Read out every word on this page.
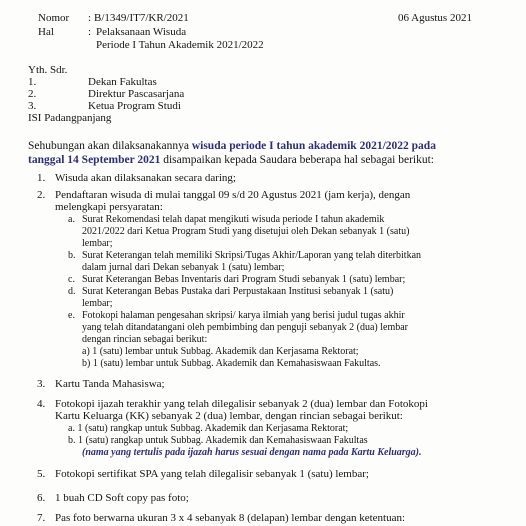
Nomor : B/1349/IT7/KR/2021	06 Agustus 2021
Hal	: Pelaksanaan Wisuda
Periode I Tahun Akademik 2021/2022
Yth. Sdr.
1.	Dekan Fakultas
2.	Direktur Pascasarjana
3.	Ketua Program Studi
ISI Padangpanjang
Sehubungan akan dilaksanakannya wisuda periode I tahun akademik 2021/2022 pada
tanggal 14 September 2021 disampaikan kepada Saudara beberapa hal sebagai berikut:
1. Wisuda akan dilaksanakan secara daring;
2. Pendaftaran wisuda di mulai tanggal 09 s/d 20 Agustus 2021 (jam kerja), dengan
melengkapi persyaratan:
a. Surat Rekomendasi telah dapat mengikuti wisuda periode I tahun akademik
2021/2022 dari Ketua Program Studi yang disetujui oleh Dekan sebanyak 1 (satu)
lembar;
b. Surat Keterangan telah memiliki Skripsi/Tugas Akhir/Laporan yang telah diterbitkan
dalam jurnal dari Dekan sebanyak 1 (satu) lembar;
c. Surat Keterangan Bebas Inventaris dari Program Studi sebanyak 1 (satu) lembar;
d. Surat Keterangan Bebas Pustaka dari Perpustakaan Institusi sebanyak 1 (satu)
lembar;
e. Fotokopi halaman pengesahan skripsi/ karya ilmiah yang berisi judul tugas akhir
yang telah ditandatangani oleh pembimbing dan penguji sebanyak 2 (dua) lembar
dengan rincian sebagai berikut:
a) 1 (satu) lembar untuk Subbag. Akademik dan Kerjasama Rektorat;
b) 1 (satu) lembar untuk Subbag. Akademik dan Kemahasiswaan Fakultas.
3. Kartu Tanda Mahasiswa;
4. Fotokopi ijazah terakhir yang telah dilegalisir sebanyak 2 (dua) lembar dan Fotokopi
Kartu Keluarga (KK) sebanyak 2 (dua) lembar, dengan rincian sebagai berikut:
a. 1 (satu) rangkap untuk Subbag. Akademik dan Kerjasama Rektorat;
b. 1 (satu) rangkap untuk Subbag. Akademik dan Kemahasiswaan Fakultas
(nama yang tertulis pada ijazah harus sesuai dengan nama pada Kartu Keluarga).
5. Fotokopi sertifikat SPA yang telah dilegalisir sebanyak 1 (satu) lembar;
6. 1 buah CD Soft copy pas foto;
7. Pas foto berwarna ukuran 3 x 4 sebanyak 8 (delapan) lembar dengan ketentuan:
